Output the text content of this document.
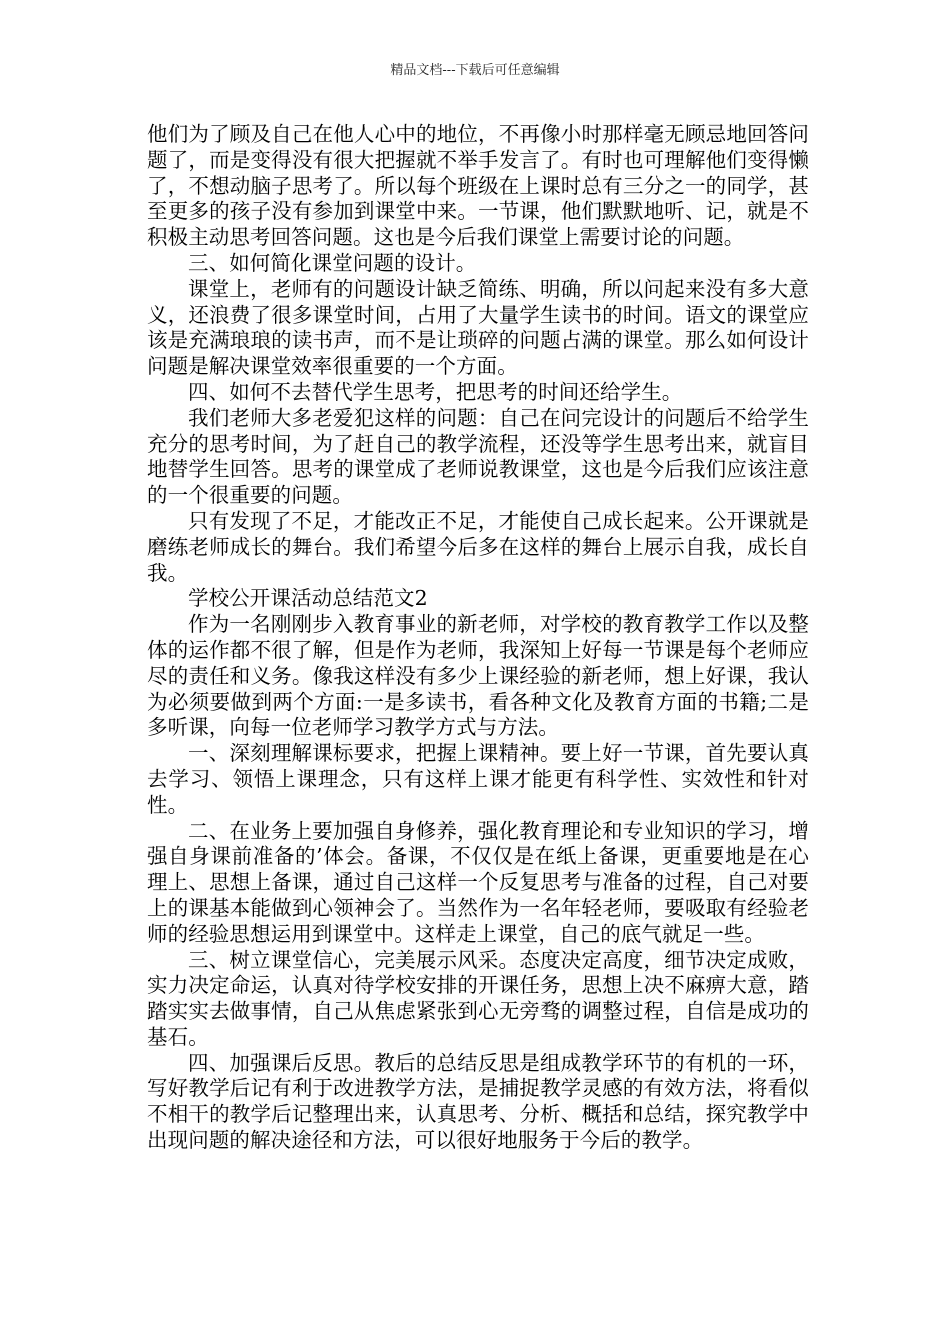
精品文档---下载后可任意编辑

他们为了顾及自己在他人心中的地位，不再像小时那样毫无顾忌地回答问题了，而是变得没有很大把握就不举手发言了。有时也可理解他们变得懒了，不想动脑子思考了。所以每个班级在上课时总有三分之一的同学，甚至更多的孩子没有参加到课堂中来。一节课，他们默默地听、记，就是不积极主动思考回答问题。这也是今后我们课堂上需要讨论的问题。

三、如何简化课堂问题的设计。

课堂上，老师有的问题设计缺乏简练、明确，所以问起来没有多大意义，还浪费了很多课堂时间，占用了大量学生读书的时间。语文的课堂应该是充满琅琅的读书声，而不是让琐碎的问题占满的课堂。那么如何设计问题是解决课堂效率很重要的一个方面。

四、如何不去替代学生思考，把思考的时间还给学生。

我们老师大多老爱犯这样的问题：自己在问完设计的问题后不给学生充分的思考时间，为了赶自己的教学流程，还没等学生思考出来，就盲目地替学生回答。思考的课堂成了老师说教课堂，这也是今后我们应该注意的一个很重要的问题。

只有发现了不足，才能改正不足，才能使自己成长起来。公开课就是磨练老师成长的舞台。我们希望今后多在这样的舞台上展示自我，成长自我。

学校公开课活动总结范文2

作为一名刚刚步入教育事业的新老师，对学校的教育教学工作以及整体的运作都不很了解，但是作为老师，我深知上好每一节课是每个老师应尽的责任和义务。像我这样没有多少上课经验的新老师，想上好课，我认为必须要做到两个方面:一是多读书，看各种文化及教育方面的书籍;二是多听课，向每一位老师学习教学方式与方法。

一、深刻理解课标要求，把握上课精神。要上好一节课，首先要认真去学习、领悟上课理念，只有这样上课才能更有科学性、实效性和针对性。

二、在业务上要加强自身修养，强化教育理论和专业知识的学习，增强自身课前准备的’体会。备课，不仅仅是在纸上备课，更重要地是在心理上、思想上备课，通过自己这样一个反复思考与准备的过程，自己对要上的课基本能做到心领神会了。当然作为一名年轻老师，要吸取有经验老师的经验思想运用到课堂中。这样走上课堂，自己的底气就足一些。

三、树立课堂信心，完美展示风采。态度决定高度，细节决定成败，实力决定命运，认真对待学校安排的开课任务，思想上决不麻痹大意，踏踏实实去做事情，自己从焦虑紧张到心无旁骛的调整过程，自信是成功的基石。

四、加强课后反思。教后的总结反思是组成教学环节的有机的一环，写好教学后记有利于改进教学方法，是捕捉教学灵感的有效方法，将看似不相干的教学后记整理出来，认真思考、分析、概括和总结，探究教学中出现问题的解决途径和方法，可以很好地服务于今后的教学。
